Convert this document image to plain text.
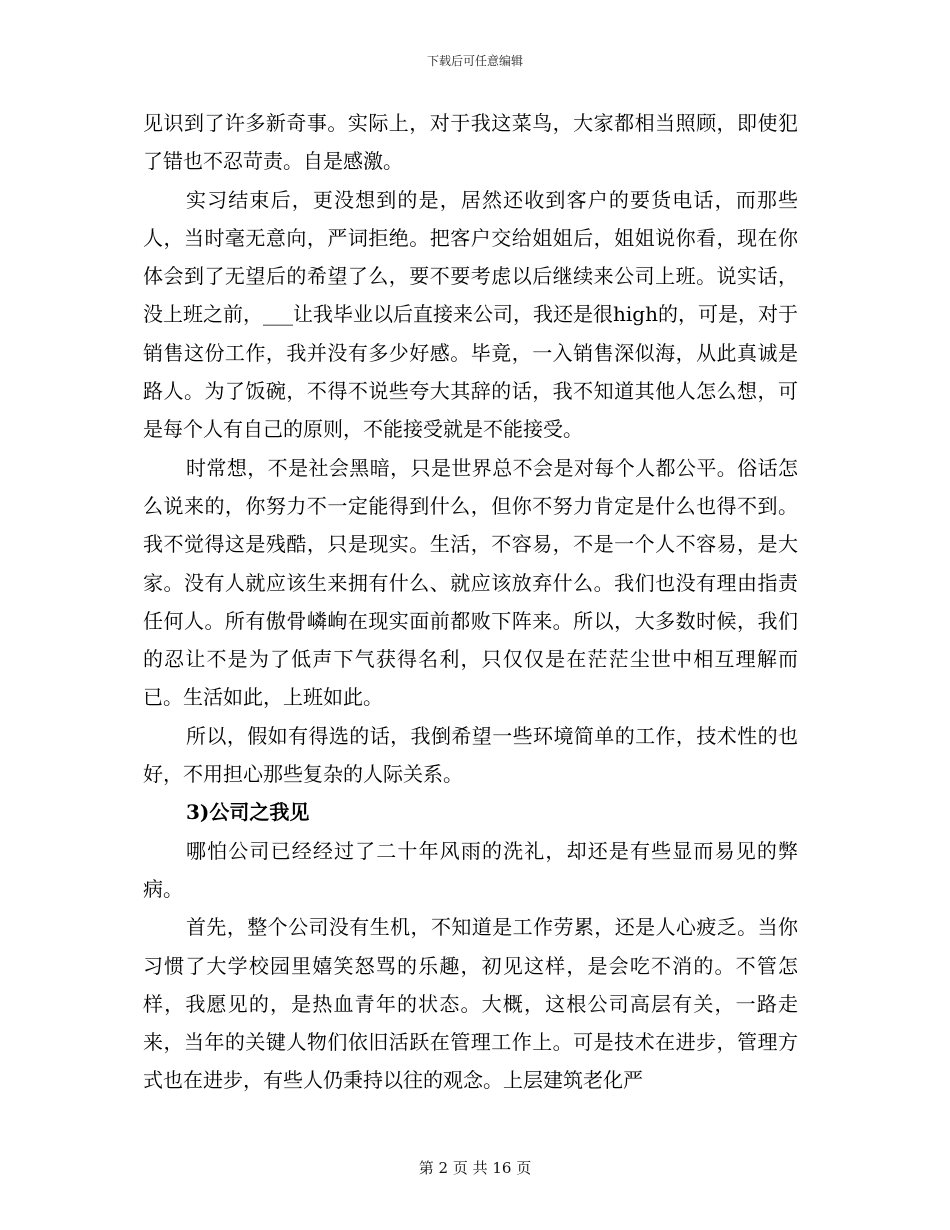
下载后可任意编辑

见识到了许多新奇事。实际上，对于我这菜鸟，大家都相当照顾，即使犯了错也不忍苛责。自是感激。

实习结束后，更没想到的是，居然还收到客户的要货电话，而那些人，当时毫无意向，严词拒绝。把客户交给姐姐后，姐姐说你看，现在你体会到了无望后的希望了么，要不要考虑以后继续来公司上班。说实话，没上班之前，___让我毕业以后直接来公司，我还是很high的，可是，对于销售这份工作，我并没有多少好感。毕竟，一入销售深似海，从此真诚是路人。为了饭碗，不得不说些夸大其辞的话，我不知道其他人怎么想，可是每个人有自己的原则，不能接受就是不能接受。

时常想，不是社会黑暗，只是世界总不会是对每个人都公平。俗话怎么说来的，你努力不一定能得到什么，但你不努力肯定是什么也得不到。我不觉得这是残酷，只是现实。生活，不容易，不是一个人不容易，是大家。没有人就应该生来拥有什么、就应该放弃什么。我们也没有理由指责任何人。所有傲骨嶙峋在现实面前都败下阵来。所以，大多数时候，我们的忍让不是为了低声下气获得名利，只仅仅是在茫茫尘世中相互理解而已。生活如此，上班如此。

所以，假如有得选的话，我倒希望一些环境简单的工作，技术性的也好，不用担心那些复杂的人际关系。

3)公司之我见

哪怕公司已经经过了二十年风雨的洗礼，却还是有些显而易见的弊病。

首先，整个公司没有生机，不知道是工作劳累，还是人心疲乏。当你习惯了大学校园里嬉笑怒骂的乐趣，初见这样，是会吃不消的。不管怎样，我愿见的，是热血青年的状态。大概，这根公司高层有关，一路走来，当年的关键人物们依旧活跃在管理工作上。可是技术在进步，管理方式也在进步，有些人仍秉持以往的观念。上层建筑老化严

第 2 页 共 16 页
